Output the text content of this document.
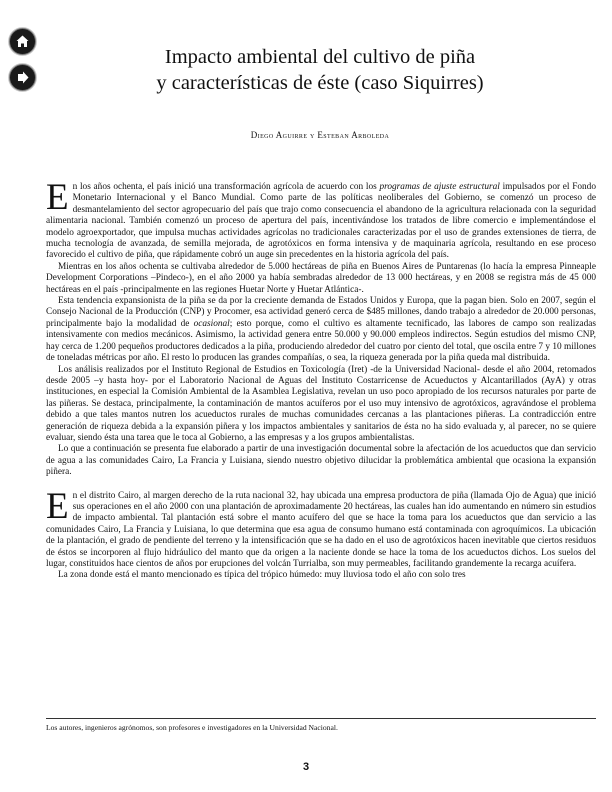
Impacto ambiental del cultivo de piña
y características de éste (caso Siquirres)
Diego Aguirre y Esteban Arboleda

En los años ochenta, el país inició una transformación agrícola de acuerdo con los programas de ajuste estructural impulsados por el Fondo Monetario Internacional y el Banco Mundial. Como parte de las políticas neoliberales del Gobierno, se comenzó un proceso de desmantelamiento del sector agropecuario del país que trajo como consecuencia el abandono de la agricultura relacionada con la seguridad alimentaria nacional. También comenzó un proceso de apertura del país, incentivándose los tratados de libre comercio e implementándose el modelo agroexportador, que impulsa muchas actividades agrícolas no tradicionales caracterizadas por el uso de grandes extensiones de tierra, de mucha tecnología de avanzada, de semilla mejorada, de agrotóxicos en forma intensiva y de maquinaria agrícola, resultando en ese proceso favorecido el cultivo de piña, que rápidamente cobró un auge sin precedentes en la historia agrícola del país.

Mientras en los años ochenta se cultivaba alrededor de 5.000 hectáreas de piña en Buenos Aires de Puntarenas (lo hacía la empresa Pinneaple Development Corporations –Pindeco-), en el año 2000 ya había sembradas alrededor de 13 000 hectáreas, y en 2008 se registra más de 45 000 hectáreas en el país -principalmente en las regiones Huetar Norte y Huetar Atlántica-.

Esta tendencia expansionista de la piña se da por la creciente demanda de Estados Unidos y Europa, que la pagan bien. Solo en 2007, según el Consejo Nacional de la Producción (CNP) y Procomer, esa actividad generó cerca de $485 millones, dando trabajo a alrededor de 20.000 personas, principalmente bajo la modalidad de ocasional; esto porque, como el cultivo es altamente tecnificado, las labores de campo son realizadas intensivamente con medios mecánicos. Asimismo, la actividad genera entre 50.000 y 90.000 empleos indirectos. Según estudios del mismo CNP, hay cerca de 1.200 pequeños productores dedicados a la piña, produciendo alrededor del cuatro por ciento del total, que oscila entre 7 y 10 millones de toneladas métricas por año. El resto lo producen las grandes compañías, o sea, la riqueza generada por la piña queda mal distribuida.

Los análisis realizados por el Instituto Regional de Estudios en Toxicología (Iret) -de la Universidad Nacional- desde el año 2004, retomados desde 2005 –y hasta hoy- por el Laboratorio Nacional de Aguas del Instituto Costarricense de Acueductos y Alcantarillados (AyA) y otras instituciones, en especial la Comisión Ambiental de la Asamblea Legislativa, revelan un uso poco apropiado de los recursos naturales por parte de las piñeras. Se destaca, principalmente, la contaminación de mantos acuíferos por el uso muy intensivo de agrotóxicos, agravándose el problema debido a que tales mantos nutren los acueductos rurales de muchas comunidades cercanas a las plantaciones piñeras. La contradicción entre generación de riqueza debida a la expansión piñera y los impactos ambientales y sanitarios de ésta no ha sido evaluada y, al parecer, no se quiere evaluar, siendo ésta una tarea que le toca al Gobierno, a las empresas y a los grupos ambientalistas.

Lo que a continuación se presenta fue elaborado a partir de una investigación documental sobre la afectación de los acueductos que dan servicio de agua a las comunidades Cairo, La Francia y Luisiana, siendo nuestro objetivo dilucidar la problemática ambiental que ocasiona la expansión piñera.

En el distrito Cairo, al margen derecho de la ruta nacional 32, hay ubicada una empresa productora de piña (llamada Ojo de Agua) que inició sus operaciones en el año 2000 con una plantación de aproximadamente 20 hectáreas, las cuales han ido aumentando en número sin estudios de impacto ambiental. Tal plantación está sobre el manto acuífero del que se hace la toma para los acueductos que dan servicio a las comunidades Cairo, La Francia y Luisiana, lo que determina que esa agua de consumo humano está contaminada con agroquímicos. La ubicación de la plantación, el grado de pendiente del terreno y la intensificación que se ha dado en el uso de agrotóxicos hacen inevitable que ciertos residuos de éstos se incorporen al flujo hidráulico del manto que da origen a la naciente donde se hace la toma de los acueductos dichos. Los suelos del lugar, constituidos hace cientos de años por erupciones del volcán Turrialba, son muy permeables, facilitando grandemente la recarga acuífera.

La zona donde está el manto mencionado es típica del trópico húmedo: muy lluviosa todo el año con solo tres

Los autores, ingenieros agrónomos, son profesores e investigadores en la Universidad Nacional.
3
